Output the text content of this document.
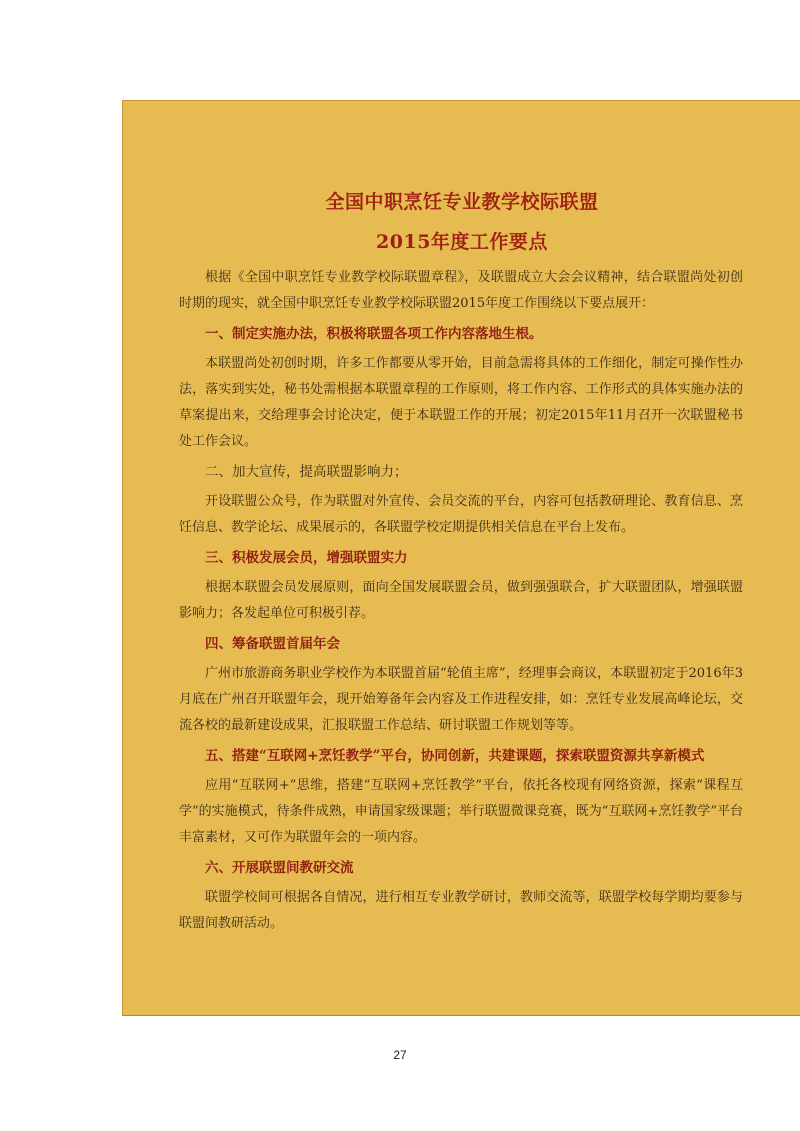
全国中职烹饪专业教学校际联盟
2015年度工作要点

根据《全国中职烹饪专业教学校际联盟章程》，及联盟成立大会会议精神，结合联盟尚处初创时期的现实，就全国中职烹饪专业教学校际联盟2015年度工作围绕以下要点展开：

一、制定实施办法，积极将联盟各项工作内容落地生根。

本联盟尚处初创时期，许多工作都要从零开始，目前急需将具体的工作细化，制定可操作性办法，落实到实处，秘书处需根据本联盟章程的工作原则，将工作内容、工作形式的具体实施办法的草案提出来，交给理事会讨论决定，便于本联盟工作的开展；初定2015年11月召开一次联盟秘书处工作会议。

二、加大宣传，提高联盟影响力；

开设联盟公众号，作为联盟对外宣传、会员交流的平台，内容可包括教研理论、教育信息、烹饪信息、教学论坛、成果展示的，各联盟学校定期提供相关信息在平台上发布。

三、积极发展会员，增强联盟实力

根据本联盟会员发展原则，面向全国发展联盟会员，做到强强联合，扩大联盟团队，增强联盟影响力；各发起单位可积极引荐。

四、筹备联盟首届年会

广州市旅游商务职业学校作为本联盟首届“轮值主席”，经理事会商议，本联盟初定于2016年3月底在广州召开联盟年会，现开始筹备年会内容及工作进程安排，如：烹饪专业发展高峰论坛，交流各校的最新建设成果，汇报联盟工作总结、研讨联盟工作规划等等。

五、搭建“互联网+烹饪教学”平台，协同创新，共建课题，探索联盟资源共享新模式

应用“互联网+”思维，搭建“互联网+烹饪教学”平台，依托各校现有网络资源，探索“课程互学”的实施模式，待条件成熟，申请国家级课题；举行联盟微课竞赛，既为“互联网+烹饪教学”平台丰富素材，又可作为联盟年会的一项内容。

六、开展联盟间教研交流

联盟学校间可根据各自情况，进行相互专业教学研讨，教师交流等，联盟学校每学期均要参与联盟间教研活动。

27
